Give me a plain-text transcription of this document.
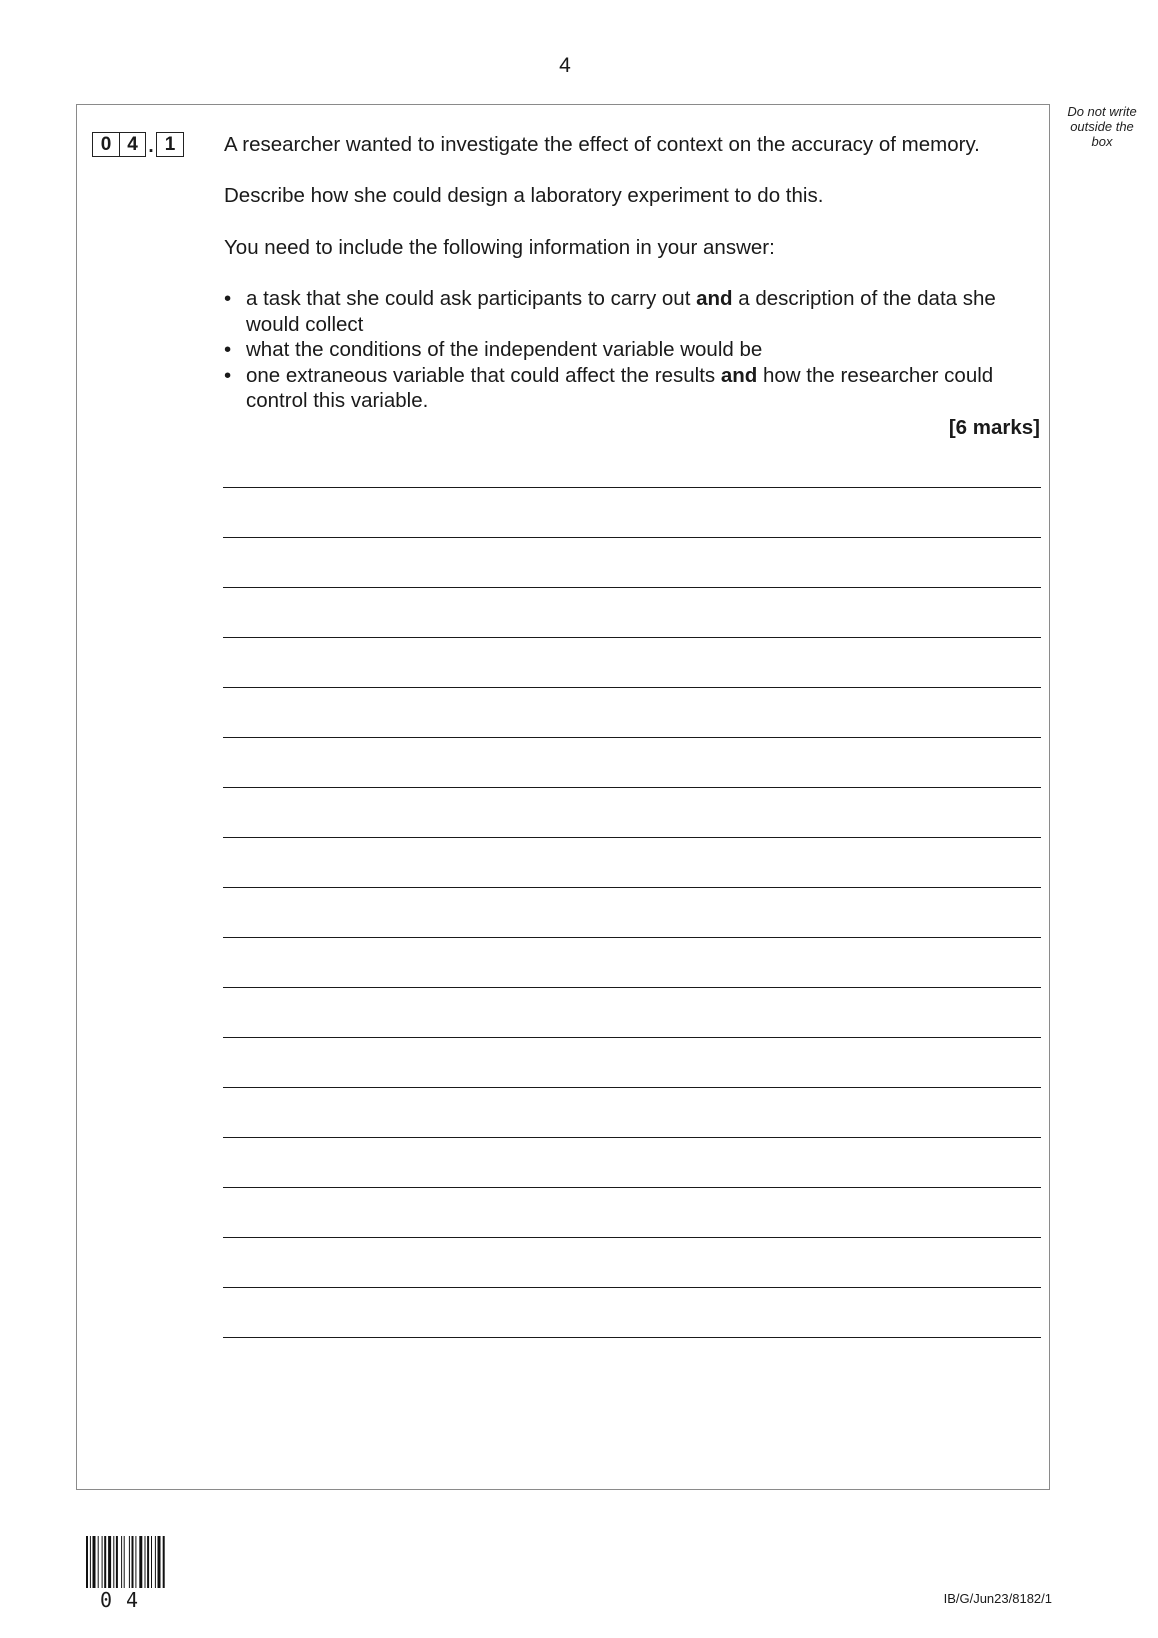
4
Do not write
outside the
box
0 4 . 1	A researcher wanted to investigate the effect of context on the accuracy of memory.
Describe how she could design a laboratory experiment to do this.
You need to include the following information in your answer:
• a task that she could ask participants to carry out and a description of the data she would collect
• what the conditions of the independent variable would be
• one extraneous variable that could affect the results and how the researcher could control this variable.
[6 marks]
04	IB/G/Jun23/8182/1
